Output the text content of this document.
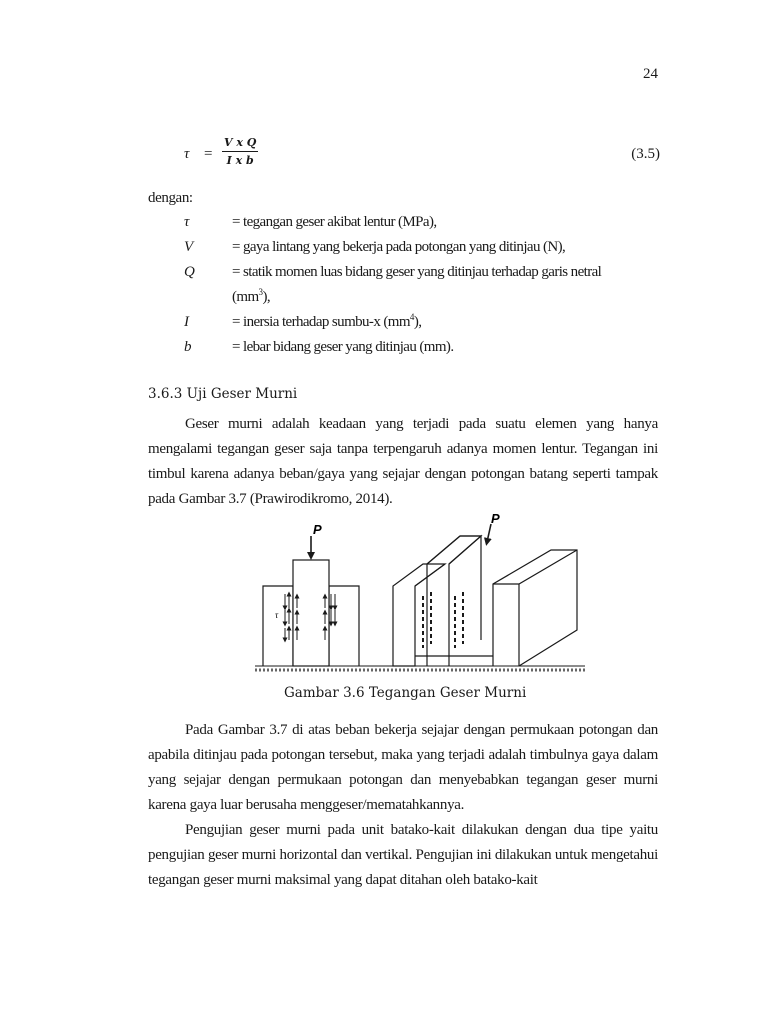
24
$\tau = \frac{\text{V x Q}}{\text{I x b}}$	(3.5)
dengan:
τ	= tegangan geser akibat lentur (MPa),
V	= gaya lintang yang bekerja pada potongan yang ditinjau (N),
Q	= statik momen luas bidang geser yang ditinjau terhadap garis netral
$(mm^3)$,
I	= inersia terhadap sumbu-x $(mm^4)$,
b	= lebar bidang geser yang ditinjau (mm).
3.6.3 Uji Geser Murni
Geser murni adalah keadaan yang terjadi pada suatu elemen yang hanya mengalami tegangan geser saja tanpa terpengaruh adanya momen lentur. Tegangan ini timbul karena adanya beban/gaya yang sejajar dengan potongan batang seperti tampak pada Gambar 3.7 (Prawirodikromo, 2014).
P
τ
P
Gambar 3.6 Tegangan Geser Murni
Pada Gambar 3.7 di atas beban bekerja sejajar dengan permukaan potongan dan apabila ditinjau pada potongan tersebut, maka yang terjadi adalah timbulnya gaya dalam yang sejajar dengan permukaan potongan dan menyebabkan tegangan geser murni karena gaya luar berusaha menggeser/mematahkannya.
Pengujian geser murni pada unit batako-kait dilakukan dengan dua tipe yaitu pengujian geser murni horizontal dan vertikal. Pengujian ini dilakukan untuk mengetahui tegangan geser murni maksimal yang dapat ditahan oleh batako-kait
